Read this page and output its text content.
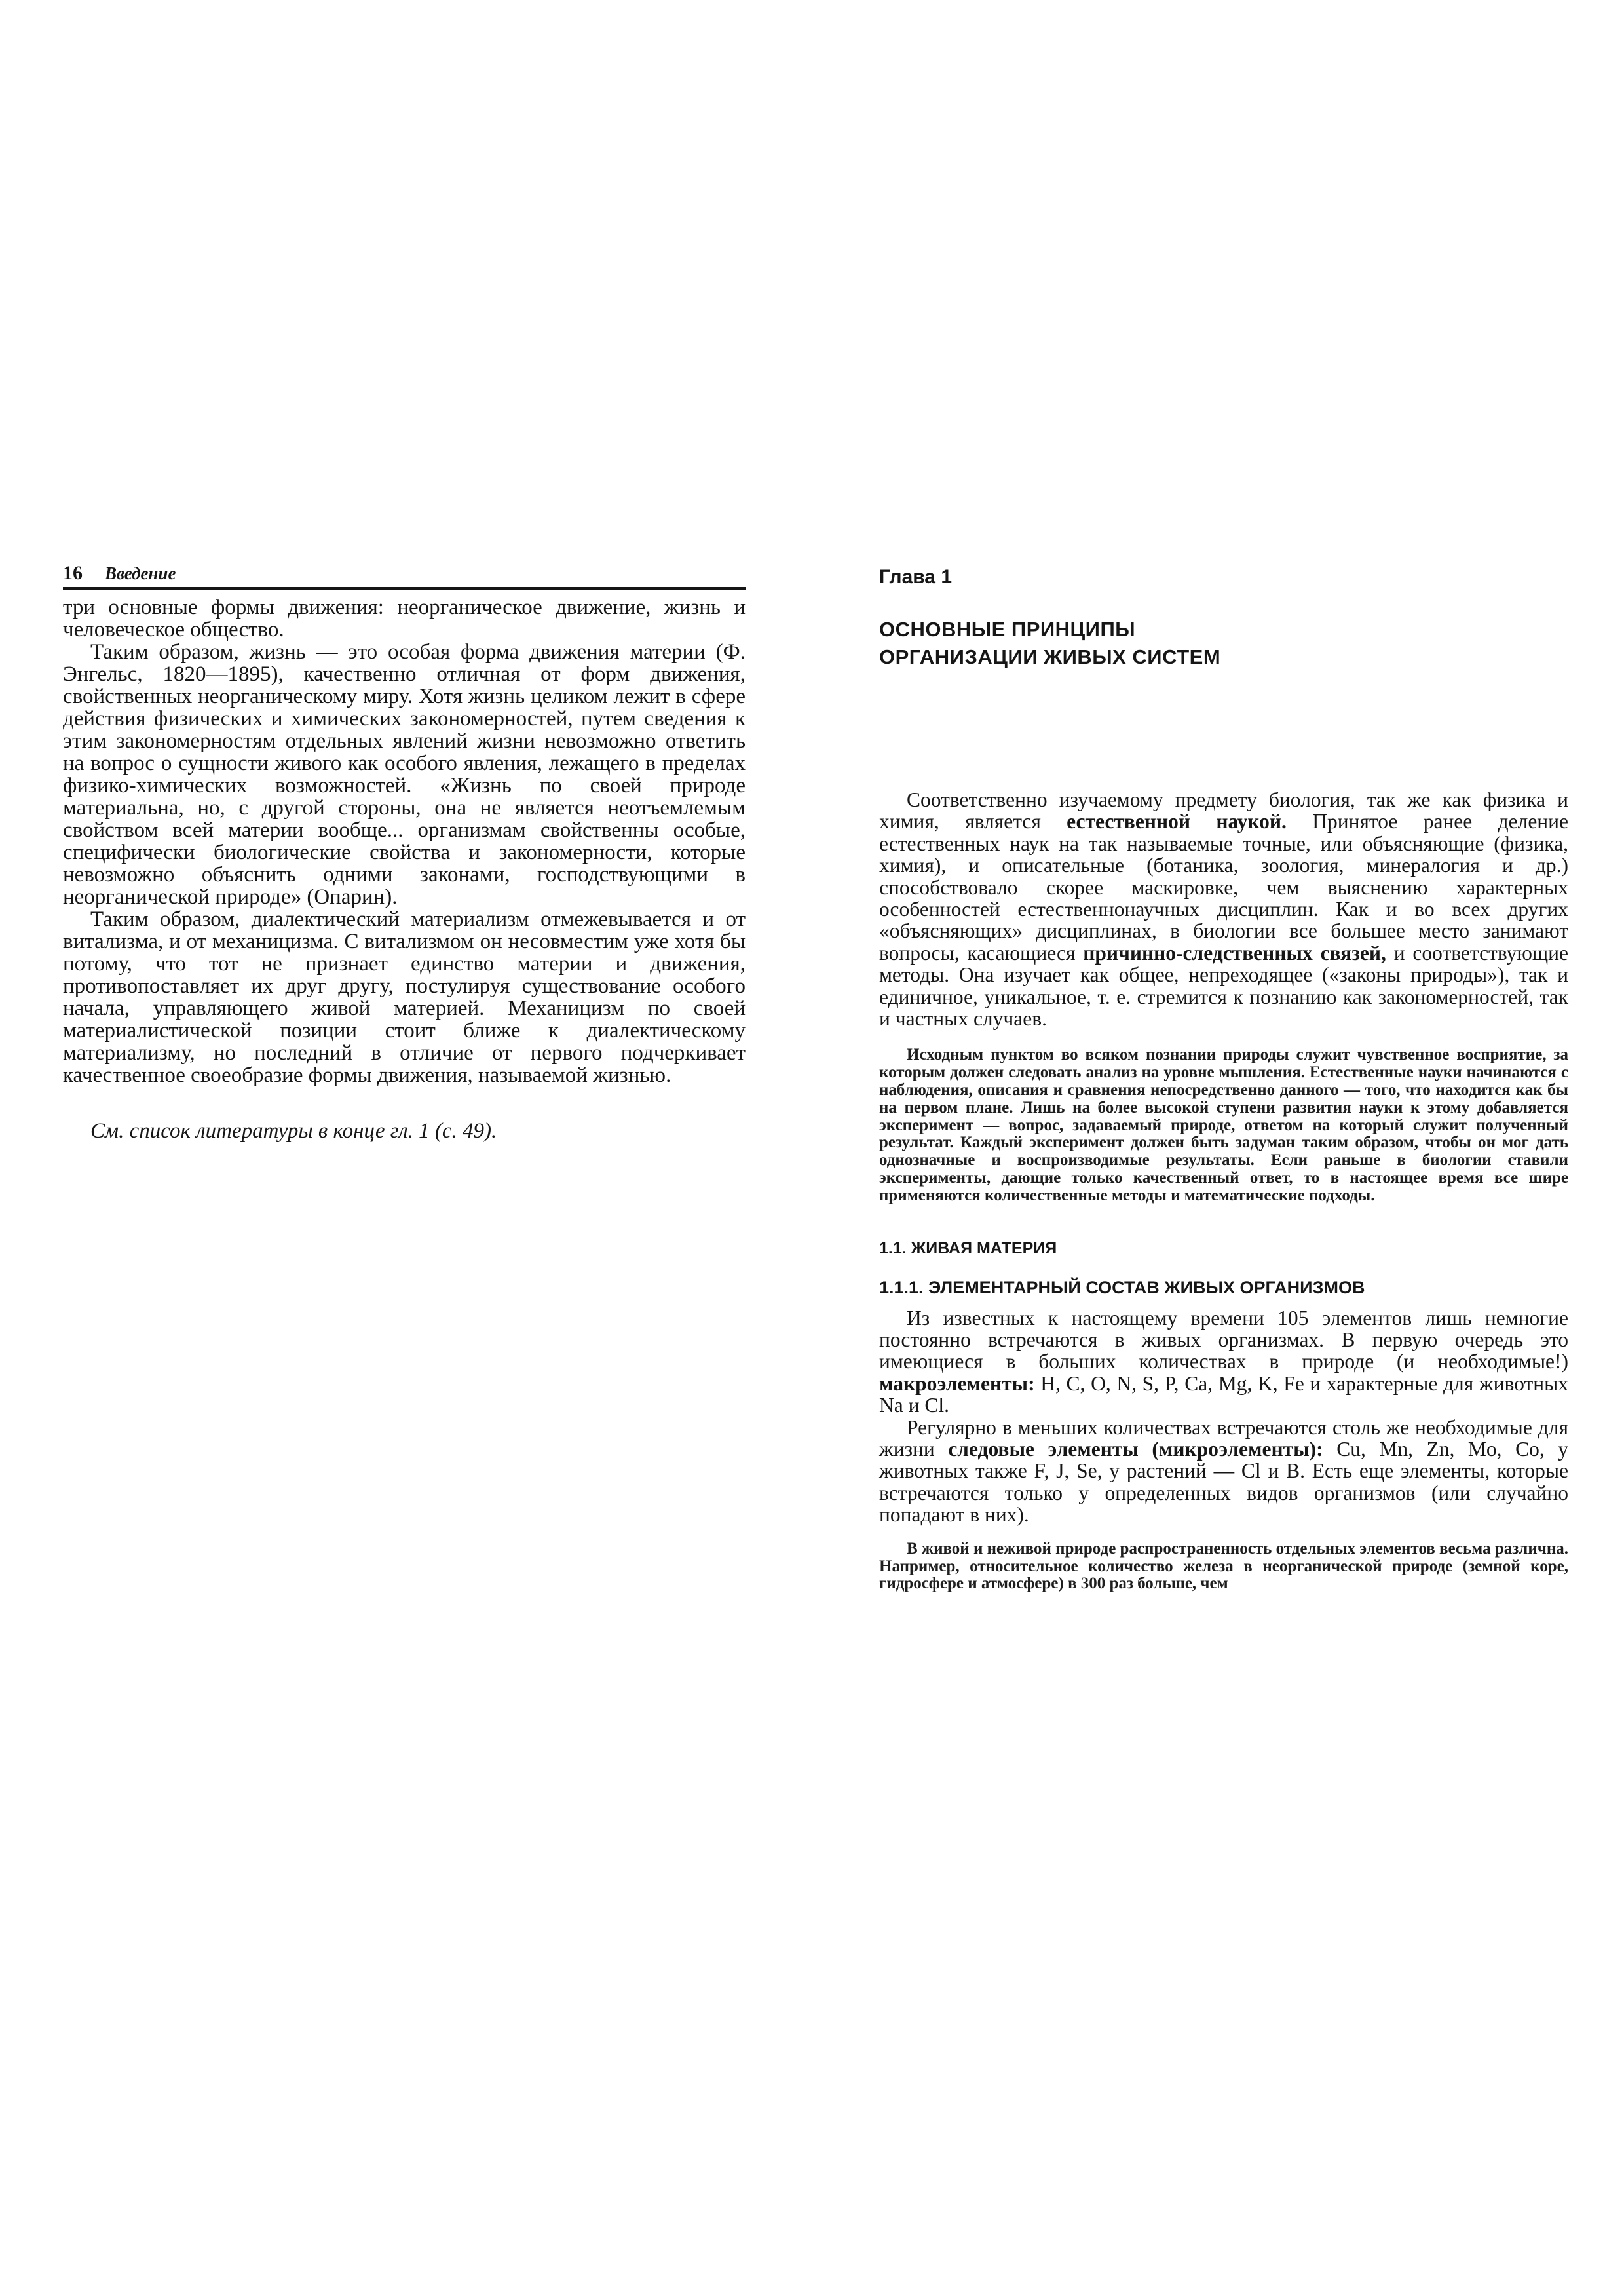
16 Введение

три основные формы движения: неорганическое движение, жизнь и человеческое общество.

Таким образом, жизнь — это особая форма движения материи (Ф. Энгельс, 1820—1895), качественно отличная от форм движения, свойственных неорганическому миру. Хотя жизнь целиком лежит в сфере действия физических и химических закономерностей, путем сведения к этим закономерностям отдельных явлений жизни невозможно ответить на вопрос о сущности живого как особого явления, лежащего в пределах физико-химических возможностей. «Жизнь по своей природе материальна, но, с другой стороны, она не является неотъемлемым свойством всей материи вообще... организмам свойственны особые, специфически биологические свойства и закономерности, которые невозможно объяснить одними законами, господствующими в неорганической природе» (Опарин).

Таким образом, диалектический материализм отмежевывается и от витализма, и от механицизма. С витализмом он несовместим уже хотя бы потому, что тот не признает единство материи и движения, противопоставляет их друг другу, постулируя существование особого начала, управляющего живой материей. Механицизм по своей материалистической позиции стоит ближе к диалектическому материализму, но последний в отличие от первого подчеркивает качественное своеобразие формы движения, называемой жизнью.

См. список литературы в конце гл. 1 (с. 49).

Глава 1
ОСНОВНЫЕ ПРИНЦИПЫ
ОРГАНИЗАЦИИ ЖИВЫХ СИСТЕМ

Соответственно изучаемому предмету биология, так же как физика и химия, является естественной наукой. Принятое ранее деление естественных наук на так называемые точные, или объясняющие (физика, химия), и описательные (ботаника, зоология, минералогия и др.) способствовало скорее маскировке, чем выяснению характерных особенностей естественнонаучных дисциплин. Как и во всех других «объясняющих» дисциплинах, в биологии все большее место занимают вопросы, касающиеся причинно-следственных связей, и соответствующие методы. Она изучает как общее, непреходящее («законы природы»), так и единичное, уникальное, т. е. стремится к познанию как закономерностей, так и частных случаев.

Исходным пунктом во всяком познании природы служит чувственное восприятие, за которым должен следовать анализ на уровне мышления. Естественные науки начинаются с наблюдения, описания и сравнения непосредственно данного — того, что находится как бы на первом плане. Лишь на более высокой ступени развития науки к этому добавляется эксперимент — вопрос, задаваемый природе, ответом на который служит полученный результат. Каждый эксперимент должен быть задуман таким образом, чтобы он мог дать однозначные и воспроизводимые результаты. Если раньше в биологии ставили эксперименты, дающие только качественный ответ, то в настоящее время все шире применяются количественные методы и математические подходы.

1.1. ЖИВАЯ МАТЕРИЯ
1.1.1. ЭЛЕМЕНТАРНЫЙ СОСТАВ ЖИВЫХ ОРГАНИЗМОВ

Из известных к настоящему времени 105 элементов лишь немногие постоянно встречаются в живых организмах. В первую очередь это имеющиеся в больших количествах в природе (и необходимые!) макроэлементы: H, C, O, N, S, P, Ca, Mg, K, Fe и характерные для животных Na и Cl.

Регулярно в меньших количествах встречаются столь же необходимые для жизни следовые элементы (микроэлементы): Cu, Mn, Zn, Mo, Co, у животных также F, J, Se, у растений — Cl и B. Есть еще элементы, которые встречаются только у определенных видов организмов (или случайно попадают в них).

В живой и неживой природе распространенность отдельных элементов весьма различна. Например, относительное количество железа в неорганической природе (земной коре, гидросфере и атмосфере) в 300 раз больше, чем
